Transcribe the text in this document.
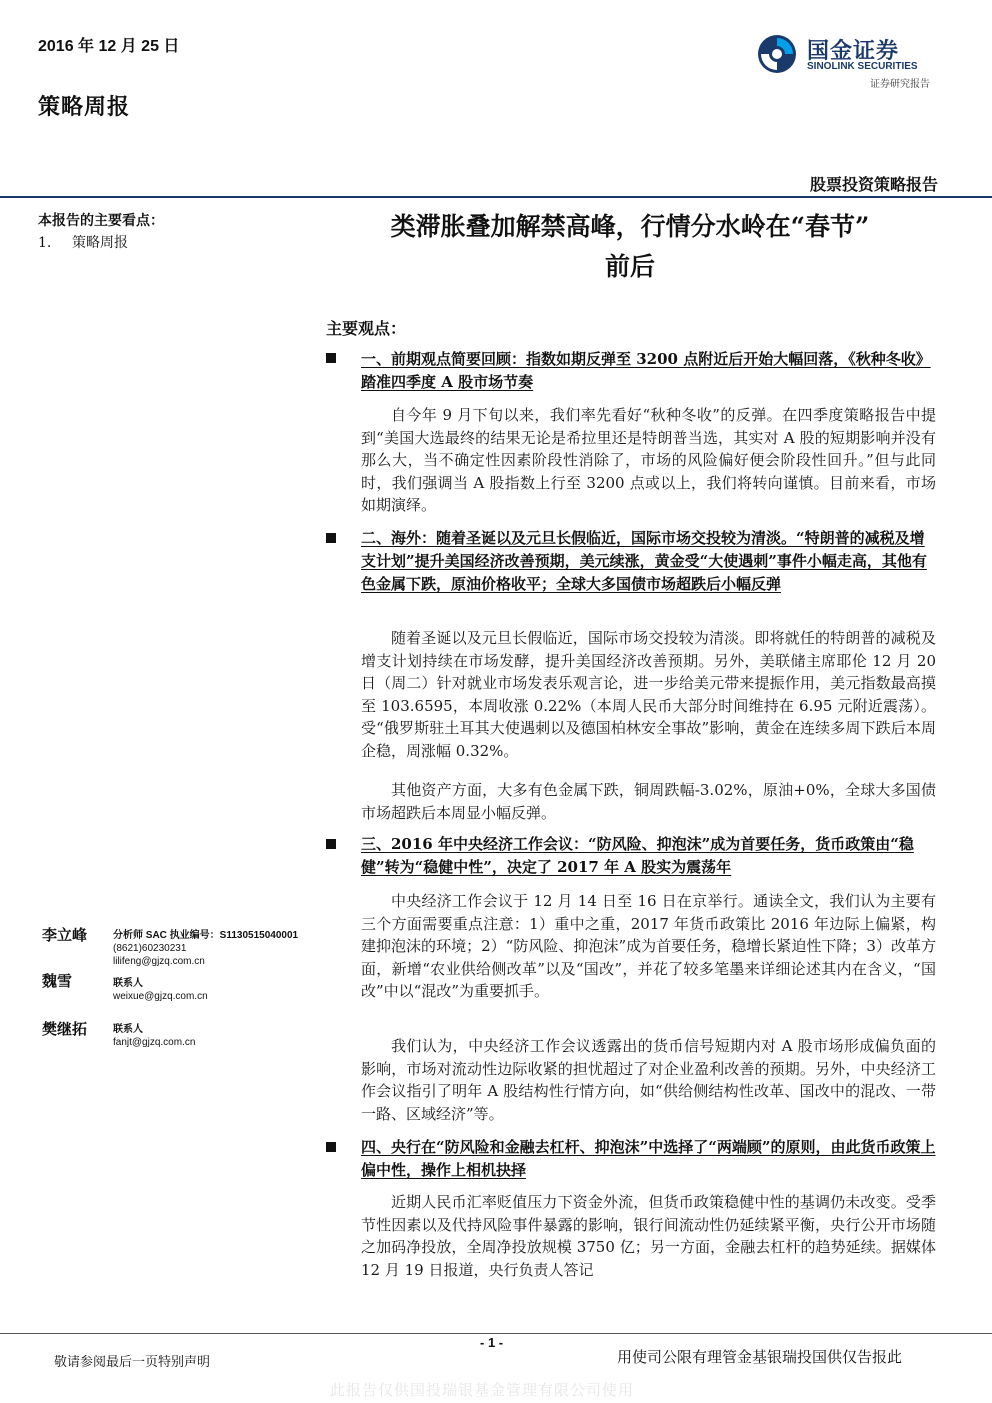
2016 年 12 月 25 日
策略周报
国金证券
SINOLINK SECURITIES
证券研究报告
股票投资策略报告
本报告的主要看点：
1. 策略周报
类滞胀叠加解禁高峰，行情分水岭在“春节”
前后
主要观点：
一、前期观点简要回顾：指数如期反弹至 3200 点附近后开始大幅回落，《秋种冬收》踏准四季度 A 股市场节奏
自今年 9 月下旬以来，我们率先看好“秋种冬收”的反弹。在四季度策略报告中提到“美国大选最终的结果无论是希拉里还是特朗普当选，其实对 A 股的短期影响并没有那么大，当不确定性因素阶段性消除了，市场的风险偏好便会阶段性回升。”但与此同时，我们强调当 A 股指数上行至 3200 点或以上，我们将转向谨慎。目前来看，市场如期演绎。
二、海外：随着圣诞以及元旦长假临近，国际市场交投较为清淡。“特朗普的减税及增支计划”提升美国经济改善预期，美元续涨，黄金受“大使遇刺”事件小幅走高，其他有色金属下跌，原油价格收平；全球大多国债市场超跌后小幅反弹
随着圣诞以及元旦长假临近，国际市场交投较为清淡。即将就任的特朗普的减税及增支计划持续在市场发酵，提升美国经济改善预期。另外，美联储主席耶伦 12 月 20 日（周二）针对就业市场发表乐观言论，进一步给美元带来提振作用，美元指数最高摸至 103.6595，本周收涨 0.22%（本周人民币大部分时间维持在 6.95 元附近震荡）。受“俄罗斯驻土耳其大使遇刺以及德国柏林安全事故”影响，黄金在连续多周下跌后本周企稳，周涨幅 0.32%。
其他资产方面，大多有色金属下跌，铜周跌幅-3.02%，原油+0%，全球大多国债市场超跌后本周显小幅反弹。
三、2016 年中央经济工作会议：“防风险、抑泡沫”成为首要任务，货币政策由“稳健”转为“稳健中性”，决定了 2017 年 A 股实为震荡年
中央经济工作会议于 12 月 14 日至 16 日在京举行。通读全文，我们认为主要有三个方面需要重点注意：1）重中之重，2017 年货币政策比 2016 年边际上偏紧，构建抑泡沫的环境；2）“防风险、抑泡沫”成为首要任务，稳增长紧迫性下降；3）改革方面，新增“农业供给侧改革”以及“国改”，并花了较多笔墨来详细论述其内在含义，“国改”中以“混改”为重要抓手。
我们认为，中央经济工作会议透露出的货币信号短期内对 A 股市场形成偏负面的影响，市场对流动性边际收紧的担忧超过了对企业盈利改善的预期。另外，中央经济工作会议指引了明年 A 股结构性行情方向，如“供给侧结构性改革、国改中的混改、一带一路、区域经济”等。
四、央行在“防风险和金融去杠杆、抑泡沫”中选择了“两端顾”的原则，由此货币政策上偏中性，操作上相机抉择
近期人民币汇率贬值压力下资金外流，但货币政策稳健中性的基调仍未改变。受季节性因素以及代持风险事件暴露的影响，银行间流动性仍延续紧平衡，央行公开市场随之加码净投放，全周净投放规模 3750 亿；另一方面，金融去杠杆的趋势延续。据媒体 12 月 19 日报道，央行负责人答记
李立峰	分析师 SAC 执业编号：S1130515040001
(8621)60230231
lilifeng@gjzq.com.cn
魏雪	联系人
weixue@gjzq.com.cn
樊继拓	联系人
fanjt@gjzq.com.cn
- 1 -
敬请参阅最后一页特别声明	用使司公限有理管金基银瑞投国供仅告报此
此报告仅供国投瑞银基金管理有限公司使用
